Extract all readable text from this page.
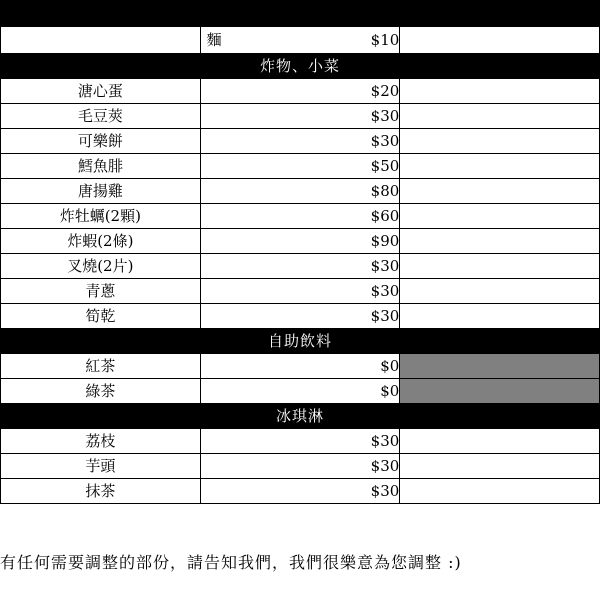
	麵 $10	

炸物、小菜		
溏心蛋	$20	
毛豆莢	$30	
可樂餅	$30	
鱈魚腓	$50	
唐揚雞	$80	
炸牡蠣(2顆)	$60	
炸蝦(2條)	$90	
叉燒(2片)	$30	
青蔥	$30	
筍乾	$30	
自助飲料		
紅茶	$0	
綠茶	$0	
冰琪淋		
荔枝	$30	
芋頭	$30	
抹茶	$30	
有任何需要調整的部份，請告知我們，我們很樂意為您調整 :)
